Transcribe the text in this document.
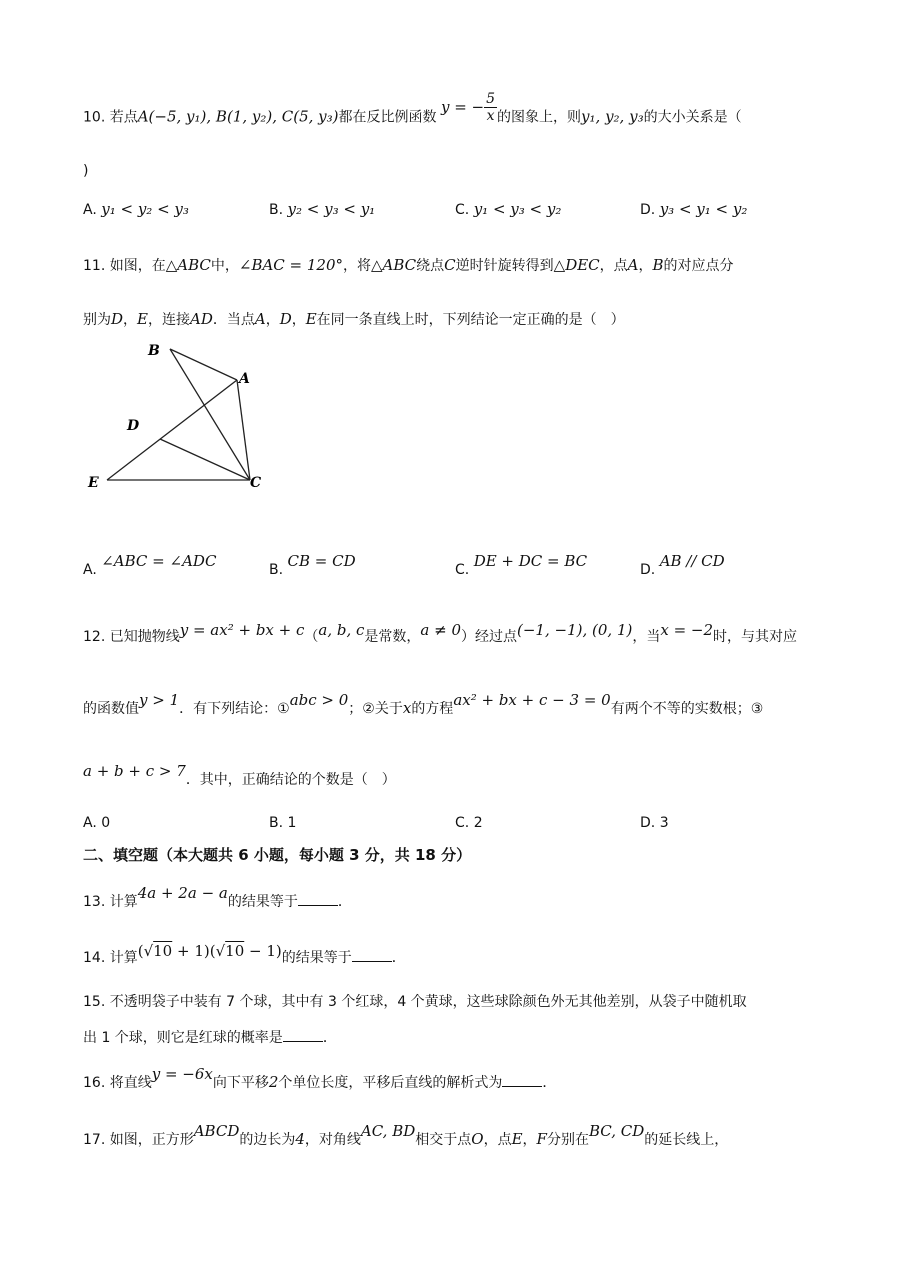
10. 若点A(−5, y₁), B(1, y₂), C(5, y₃)都在反比例函数 y = − $\frac{5}{x}$ 的图象上，则y₁, y₂, y₃的大小关系是（
)
A. y₁ < y₂ < y₃	B. y₂ < y₃ < y₁	C. y₁ < y₃ < y₂	D. y₃ < y₁ < y₂
11. 如图，在△ABC中，∠BAC = 120°，将△ABC绕点C逆时针旋转得到△DEC，点A，B的对应点分
别为D，E，连接AD．当点A，D，E在同一条直线上时，下列结论一定正确的是（　）
B
A
D
E	C
A. ∠ABC = ∠ADC	B. CB = CD	C. DE + DC = BC	D. AB // CD
12. 已知抛物线y = ax² + bx + c（a, b, c是常数，a ≠ 0）经过点(−1, −1), (0, 1)，当x = −2时，与其对应
的函数值y > 1．有下列结论：①abc > 0；②关于x的方程ax² + bx + c − 3 = 0有两个不等的实数根；③
a + b + c > 7．其中，正确结论的个数是（　）
A. 0	B. 1	C. 2	D. 3
二、填空题（本大题共 6 小题，每小题 3 分，共 18 分）
13. 计算4a + 2a − a的结果等于	．
14. 计算(√10 + 1)(√10 − 1)的结果等于	．
15. 不透明袋子中装有 7 个球，其中有 3 个红球，4 个黄球，这些球除颜色外无其他差别，从袋子中随机取
出 1 个球，则它是红球的概率是	．
16. 将直线y = −6x向下平移2个单位长度，平移后直线的解析式为	．
17. 如图，正方形ABCD的边长为4，对角线AC, BD相交于点O，点E，F分别在BC, CD的延长线上，
